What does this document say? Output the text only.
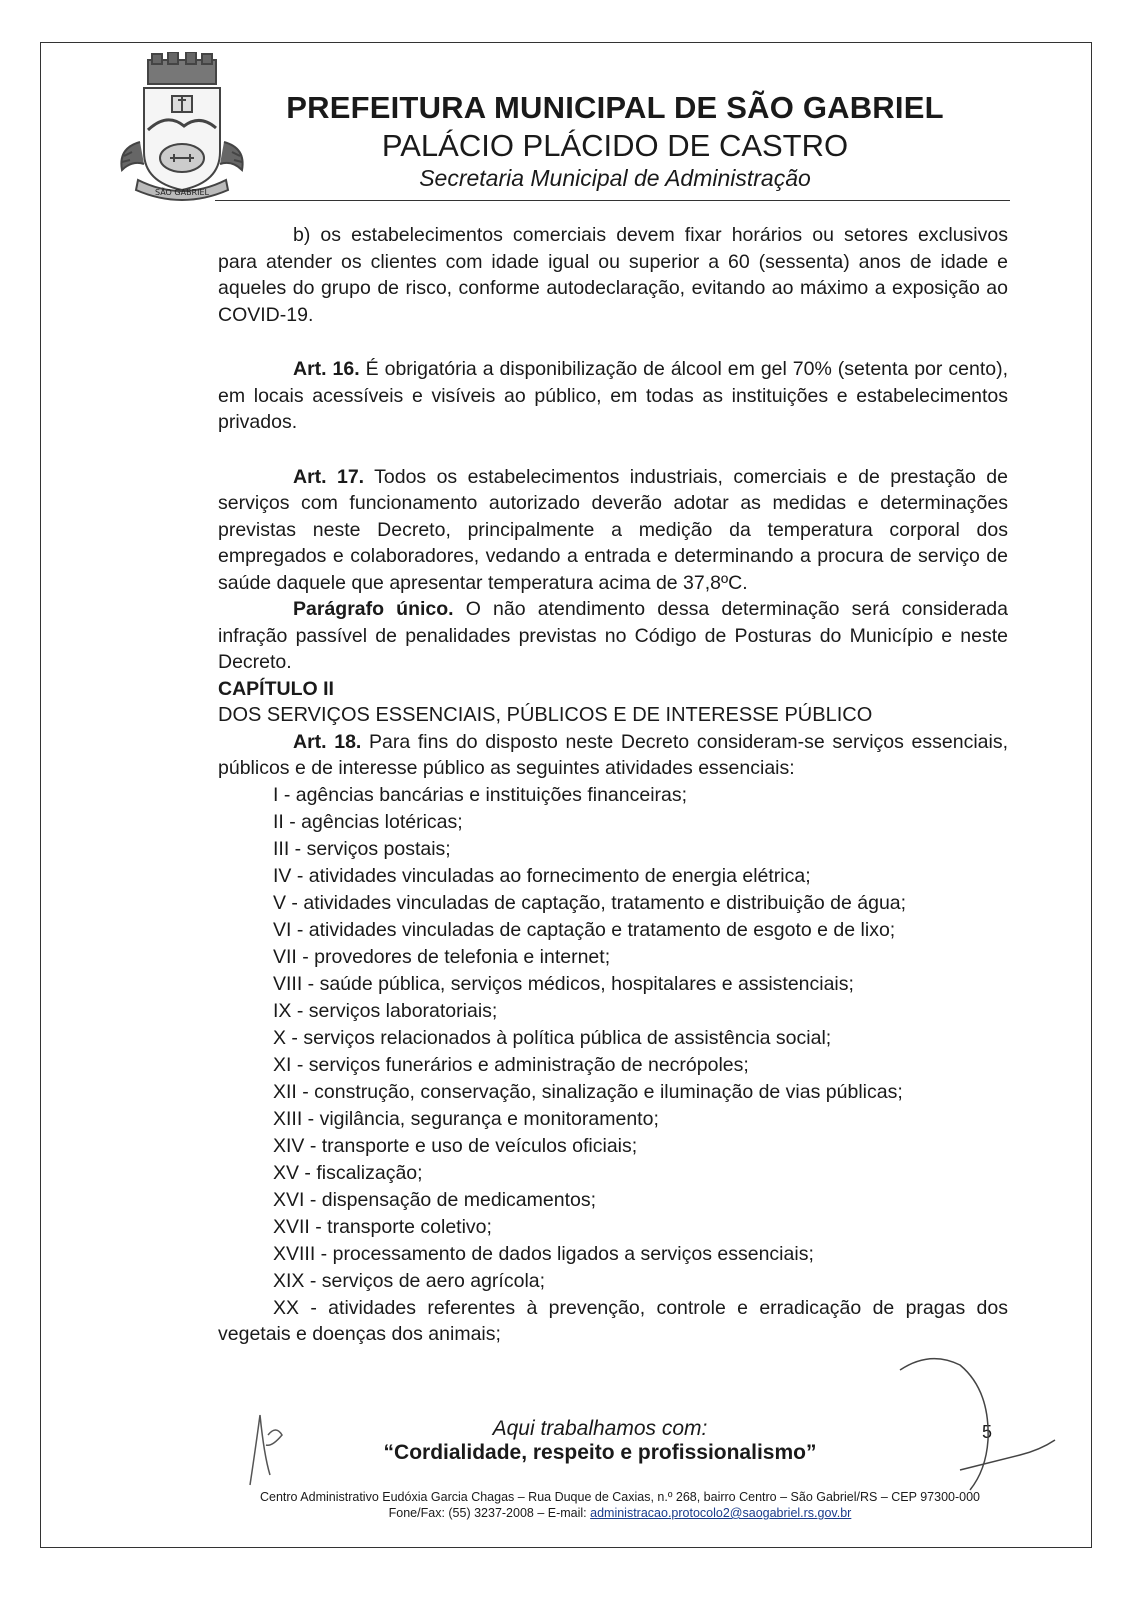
SÃO GABRIEL
PREFEITURA MUNICIPAL DE SÃO GABRIEL
PALÁCIO PLÁCIDO DE CASTRO
Secretaria Municipal de Administração

b) os estabelecimentos comerciais devem fixar horários ou setores exclusivos para atender os clientes com idade igual ou superior a 60 (sessenta) anos de idade e aqueles do grupo de risco, conforme autodeclaração, evitando ao máximo a exposição ao COVID-19.

Art. 16. É obrigatória a disponibilização de álcool em gel 70% (setenta por cento), em locais acessíveis e visíveis ao público, em todas as instituições e estabelecimentos privados.

Art. 17. Todos os estabelecimentos industriais, comerciais e de prestação de serviços com funcionamento autorizado deverão adotar as medidas e determinações previstas neste Decreto, principalmente a medição da temperatura corporal dos empregados e colaboradores, vedando a entrada e determinando a procura de serviço de saúde daquele que apresentar temperatura acima de 37,8ºC.

Parágrafo único. O não atendimento dessa determinação será considerada infração passível de penalidades previstas no Código de Posturas do Município e neste Decreto.

CAPÍTULO II

DOS SERVIÇOS ESSENCIAIS, PÚBLICOS E DE INTERESSE PÚBLICO

Art. 18. Para fins do disposto neste Decreto consideram-se serviços essenciais, públicos e de interesse público as seguintes atividades essenciais:

I - agências bancárias e instituições financeiras;
II - agências lotéricas;
III - serviços postais;
IV - atividades vinculadas ao fornecimento de energia elétrica;
V - atividades vinculadas de captação, tratamento e distribuição de água;
VI - atividades vinculadas de captação e tratamento de esgoto e de lixo;
VII - provedores de telefonia e internet;
VIII - saúde pública, serviços médicos, hospitalares e assistenciais;
IX - serviços laboratoriais;
X - serviços relacionados à política pública de assistência social;
XI - serviços funerários e administração de necrópoles;
XII - construção, conservação, sinalização e iluminação de vias públicas;
XIII - vigilância, segurança e monitoramento;
XIV - transporte e uso de veículos oficiais;
XV - fiscalização;
XVI - dispensação de medicamentos;
XVII - transporte coletivo;
XVIII - processamento de dados ligados a serviços essenciais;
XIX - serviços de aero agrícola;

XX - atividades referentes à prevenção, controle e erradicação de pragas dos vegetais e doenças dos animais;

Aqui trabalhamos com:
“Cordialidade, respeito e profissionalismo”
5
Centro Administrativo Eudóxia Garcia Chagas – Rua Duque de Caxias, n.º 268, bairro Centro – São Gabriel/RS – CEP 97300-000
Fone/Fax: (55) 3237-2008 – E-mail: administracao.protocolo2@saogabriel.rs.gov.br
